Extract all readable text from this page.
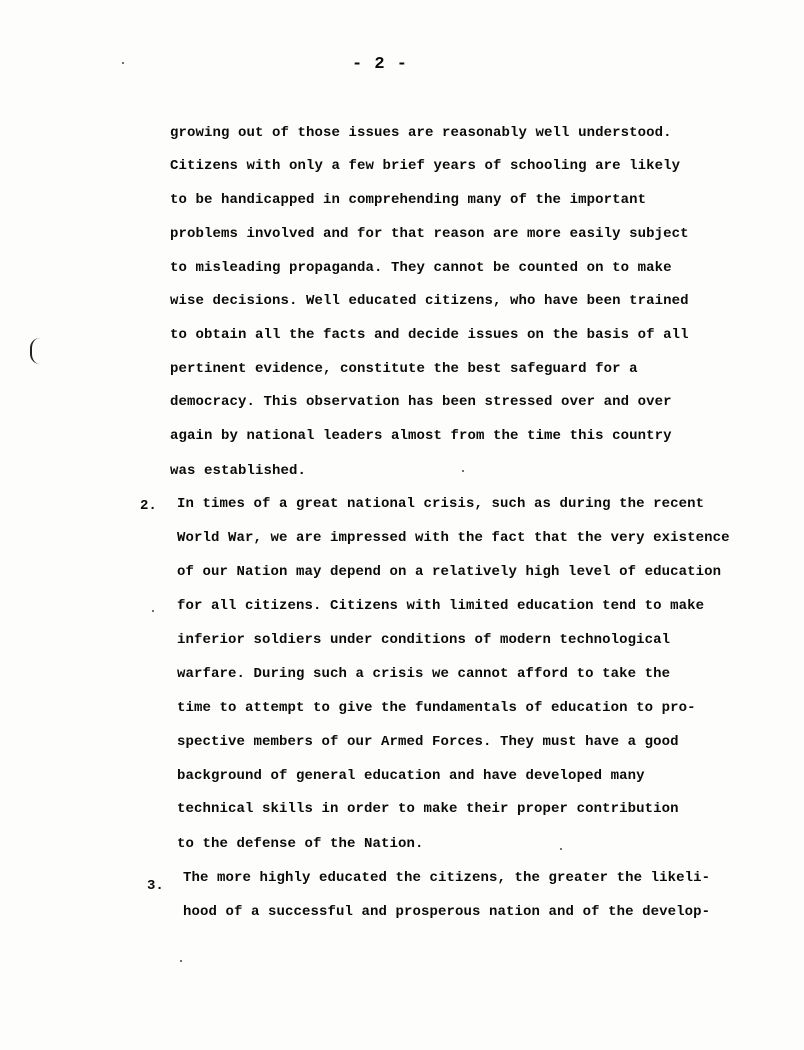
- 2 -
growing out of those issues are reasonably well understood.
Citizens with only a few brief years of schooling are likely
to be handicapped in comprehending many of the important
problems involved and for that reason are more easily subject
to misleading propaganda. They cannot be counted on to make
wise decisions. Well educated citizens, who have been trained
to obtain all the facts and decide issues on the basis of all
pertinent evidence, constitute the best safeguard for a
democracy. This observation has been stressed over and over
again by national leaders almost from the time this country
was established.
2. In times of a great national crisis, such as during the recent
World War, we are impressed with the fact that the very existence
of our Nation may depend on a relatively high level of education
for all citizens. Citizens with limited education tend to make
inferior soldiers under conditions of modern technological
warfare. During such a crisis we cannot afford to take the
time to attempt to give the fundamentals of education to pro-
spective members of our Armed Forces. They must have a good
background of general education and have developed many
technical skills in order to make their proper contribution
to the defense of the Nation.
3. The more highly educated the citizens, the greater the likeli-
hood of a successful and prosperous nation and of the develop-
